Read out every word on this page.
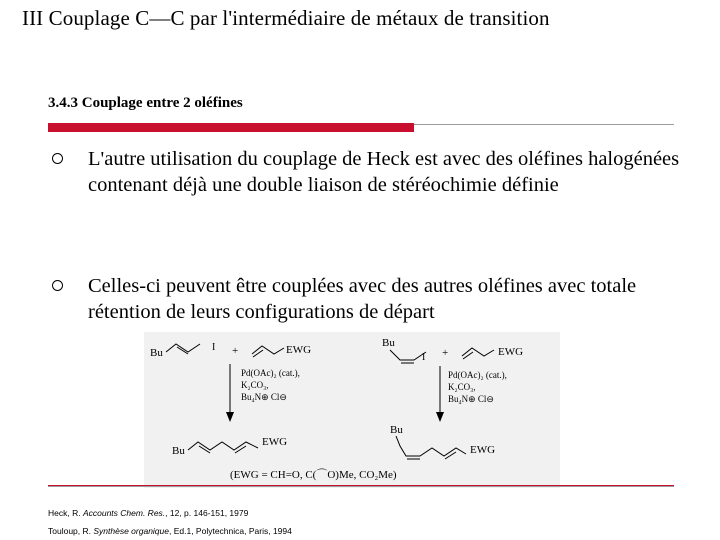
III Couplage C—C par l'intermédiaire de métaux de transition
3.4.3 Couplage entre 2 oléfines
L'autre utilisation du couplage de Heck est avec des oléfines halogénées contenant déjà une double liaison de stéréochimie définie
Celles-ci peuvent être couplées avec des autres oléfines avec totale rétention de leurs configurations de départ
Bu	I +	EWG
Pd(OAc)₂ (cat.),
K₂CO₃,
Bu₄N⊕ Cl⊖
Bu
EWG
Bu
I +	EWG
Pd(OAc)₂ (cat.),
K₂CO₃,
Bu₄N⊕ Cl⊖
Bu
EWG
(EWG = CH=O, C(⌒O)Me, CO₂Me)
Heck, R. Accounts Chem. Res., 12, p. 146-151, 1979
Touloup, R. Synthèse organique, Ed.1, Polytechnica, Paris, 1994
